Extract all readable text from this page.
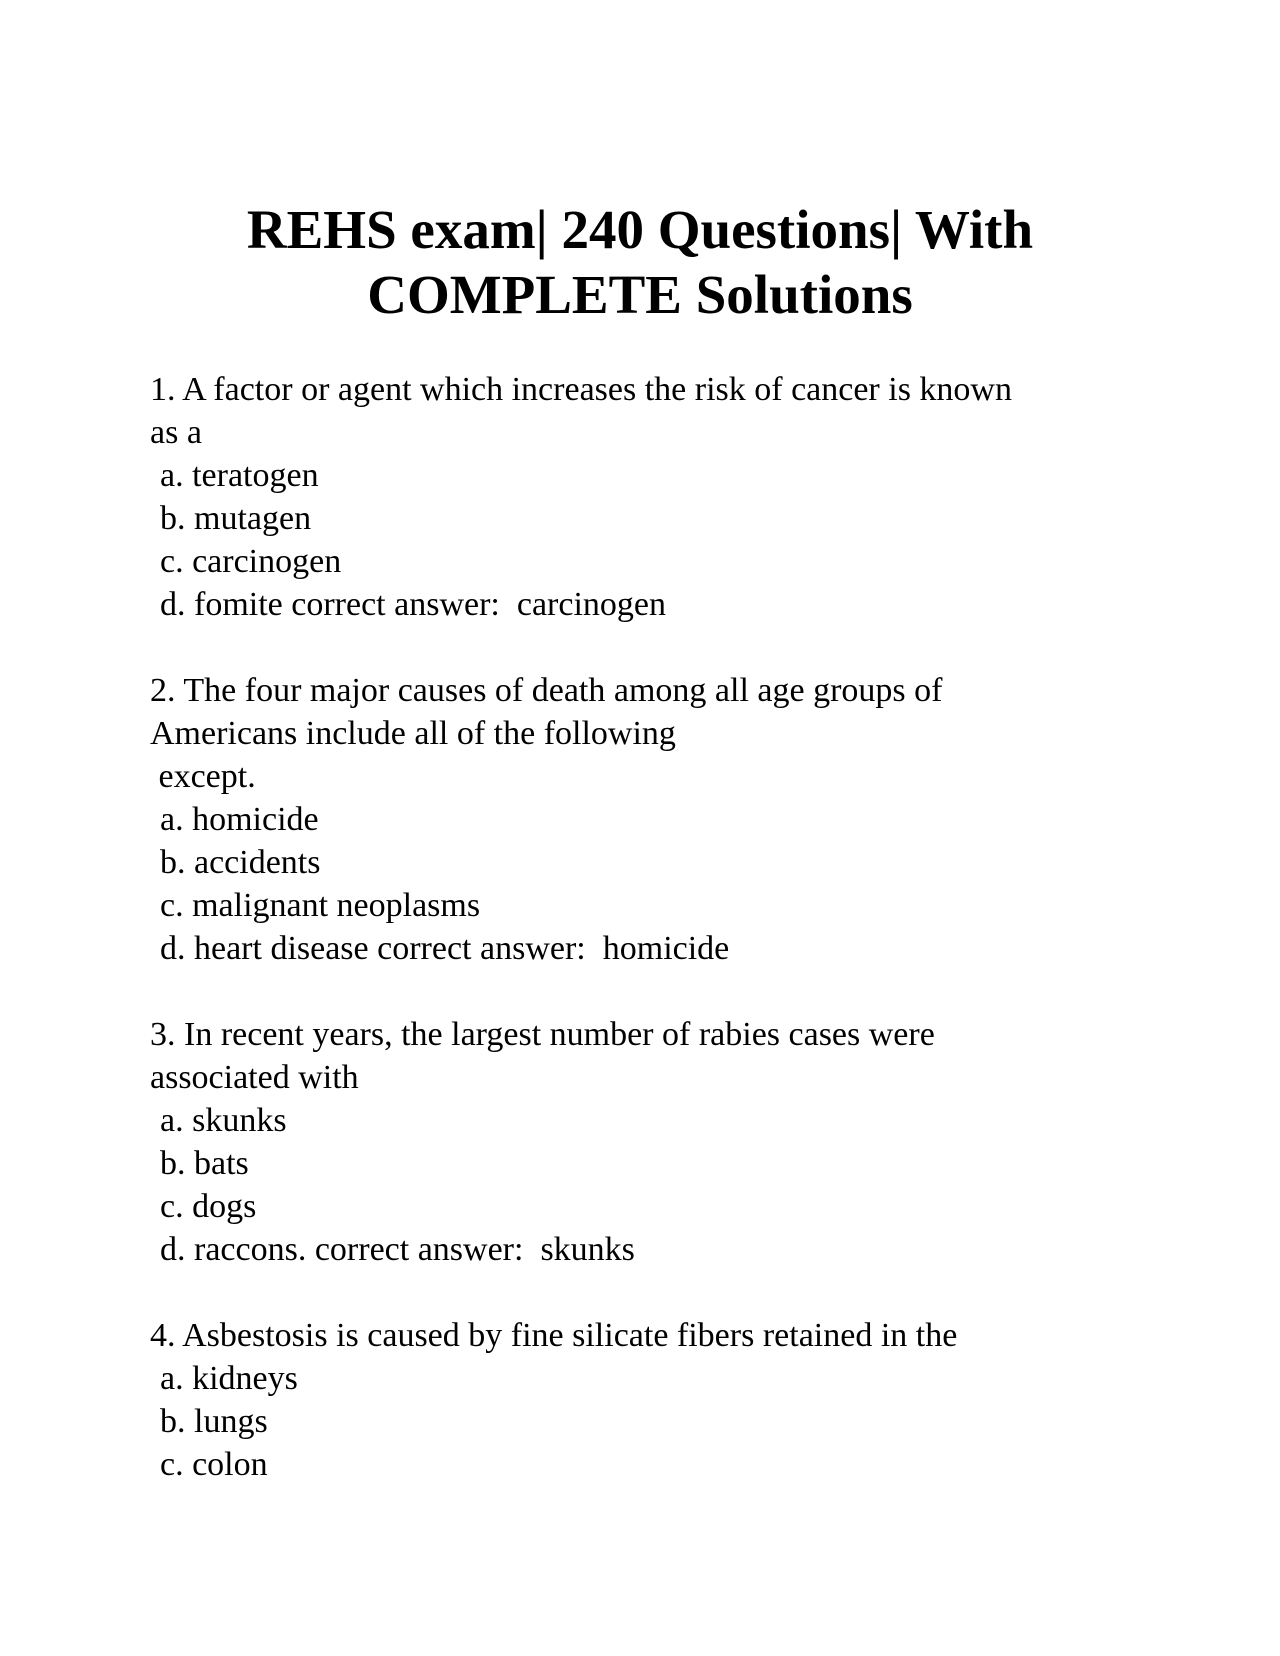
REHS exam| 240 Questions| With
COMPLETE Solutions
1. A factor or agent which increases the risk of cancer is known
as a
a. teratogen
b. mutagen
c. carcinogen
d. fomite correct answer: carcinogen
2. The four major causes of death among all age groups of
Americans include all of the following
except.
a. homicide
b. accidents
c. malignant neoplasms
d. heart disease correct answer: homicide
3. In recent years, the largest number of rabies cases were
associated with
a. skunks
b. bats
c. dogs
d. raccons. correct answer: skunks
4. Asbestosis is caused by fine silicate fibers retained in the
a. kidneys
b. lungs
c. colon
